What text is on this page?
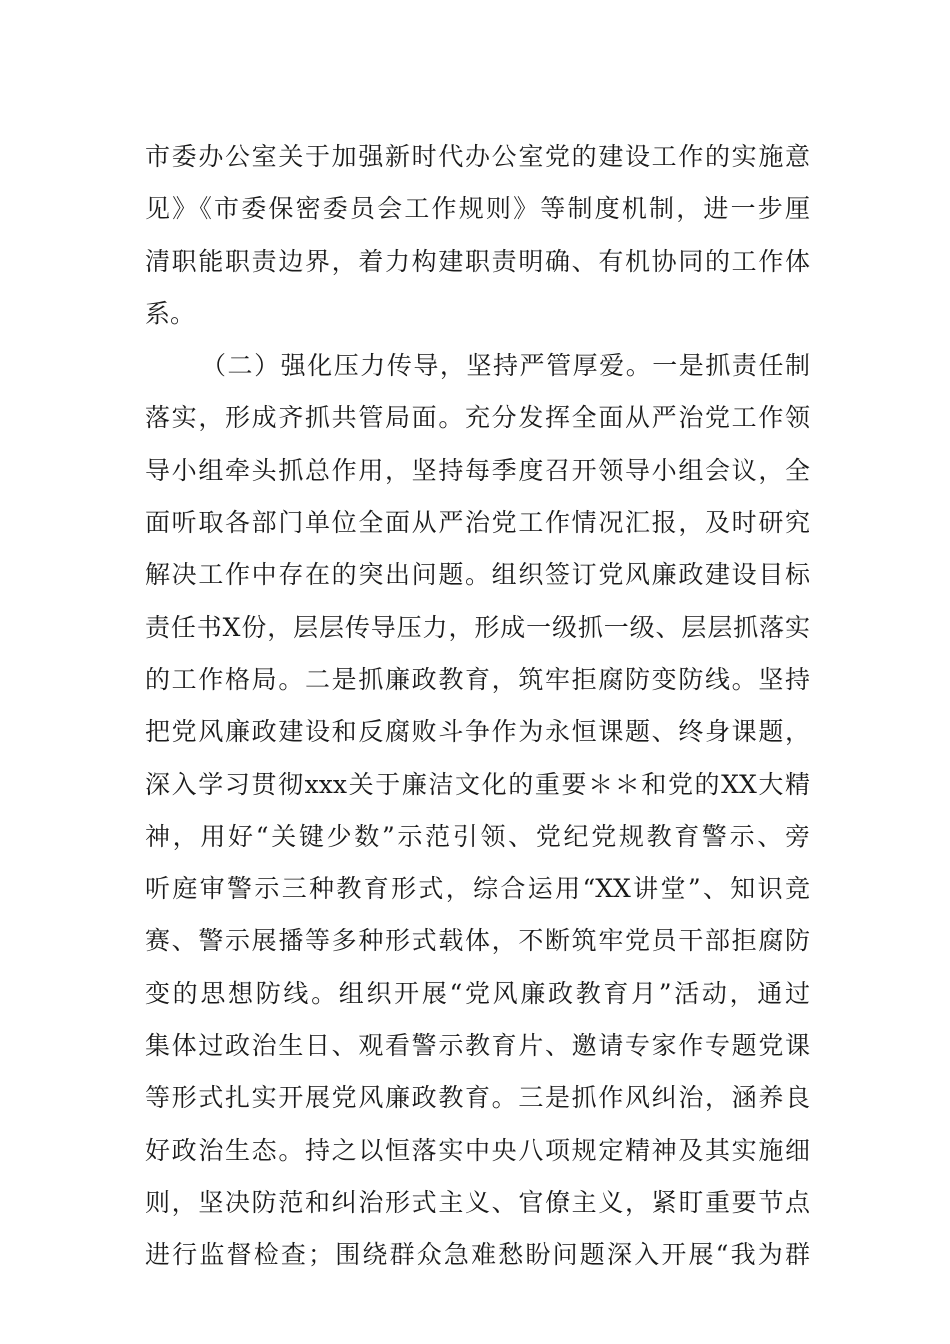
市委办公室关于加强新时代办公室党的建设工作的实施意
见》《市委保密委员会工作规则》等制度机制，进一步厘
清职能职责边界，着力构建职责明确、有机协同的工作体
系。
（二）强化压力传导，坚持严管厚爱。一是抓责任制
落实，形成齐抓共管局面。充分发挥全面从严治党工作领
导小组牵头抓总作用，坚持每季度召开领导小组会议，全
面听取各部门单位全面从严治党工作情况汇报，及时研究
解决工作中存在的突出问题。组织签订党风廉政建设目标
责任书X份，层层传导压力，形成一级抓一级、层层抓落实
的工作格局。二是抓廉政教育，筑牢拒腐防变防线。坚持
把党风廉政建设和反腐败斗争作为永恒课题、终身课题，
深入学习贯彻xxx关于廉洁文化的重要＊＊和党的XX大精
神，用好“关键少数”示范引领、党纪党规教育警示、旁
听庭审警示三种教育形式，综合运用“XX讲堂”、知识竞
赛、警示展播等多种形式载体，不断筑牢党员干部拒腐防
变的思想防线。组织开展“党风廉政教育月”活动，通过
集体过政治生日、观看警示教育片、邀请专家作专题党课
等形式扎实开展党风廉政教育。三是抓作风纠治，涵养良
好政治生态。持之以恒落实中央八项规定精神及其实施细
则，坚决防范和纠治形式主义、官僚主义，紧盯重要节点
进行监督检查；围绕群众急难愁盼问题深入开展“我为群
